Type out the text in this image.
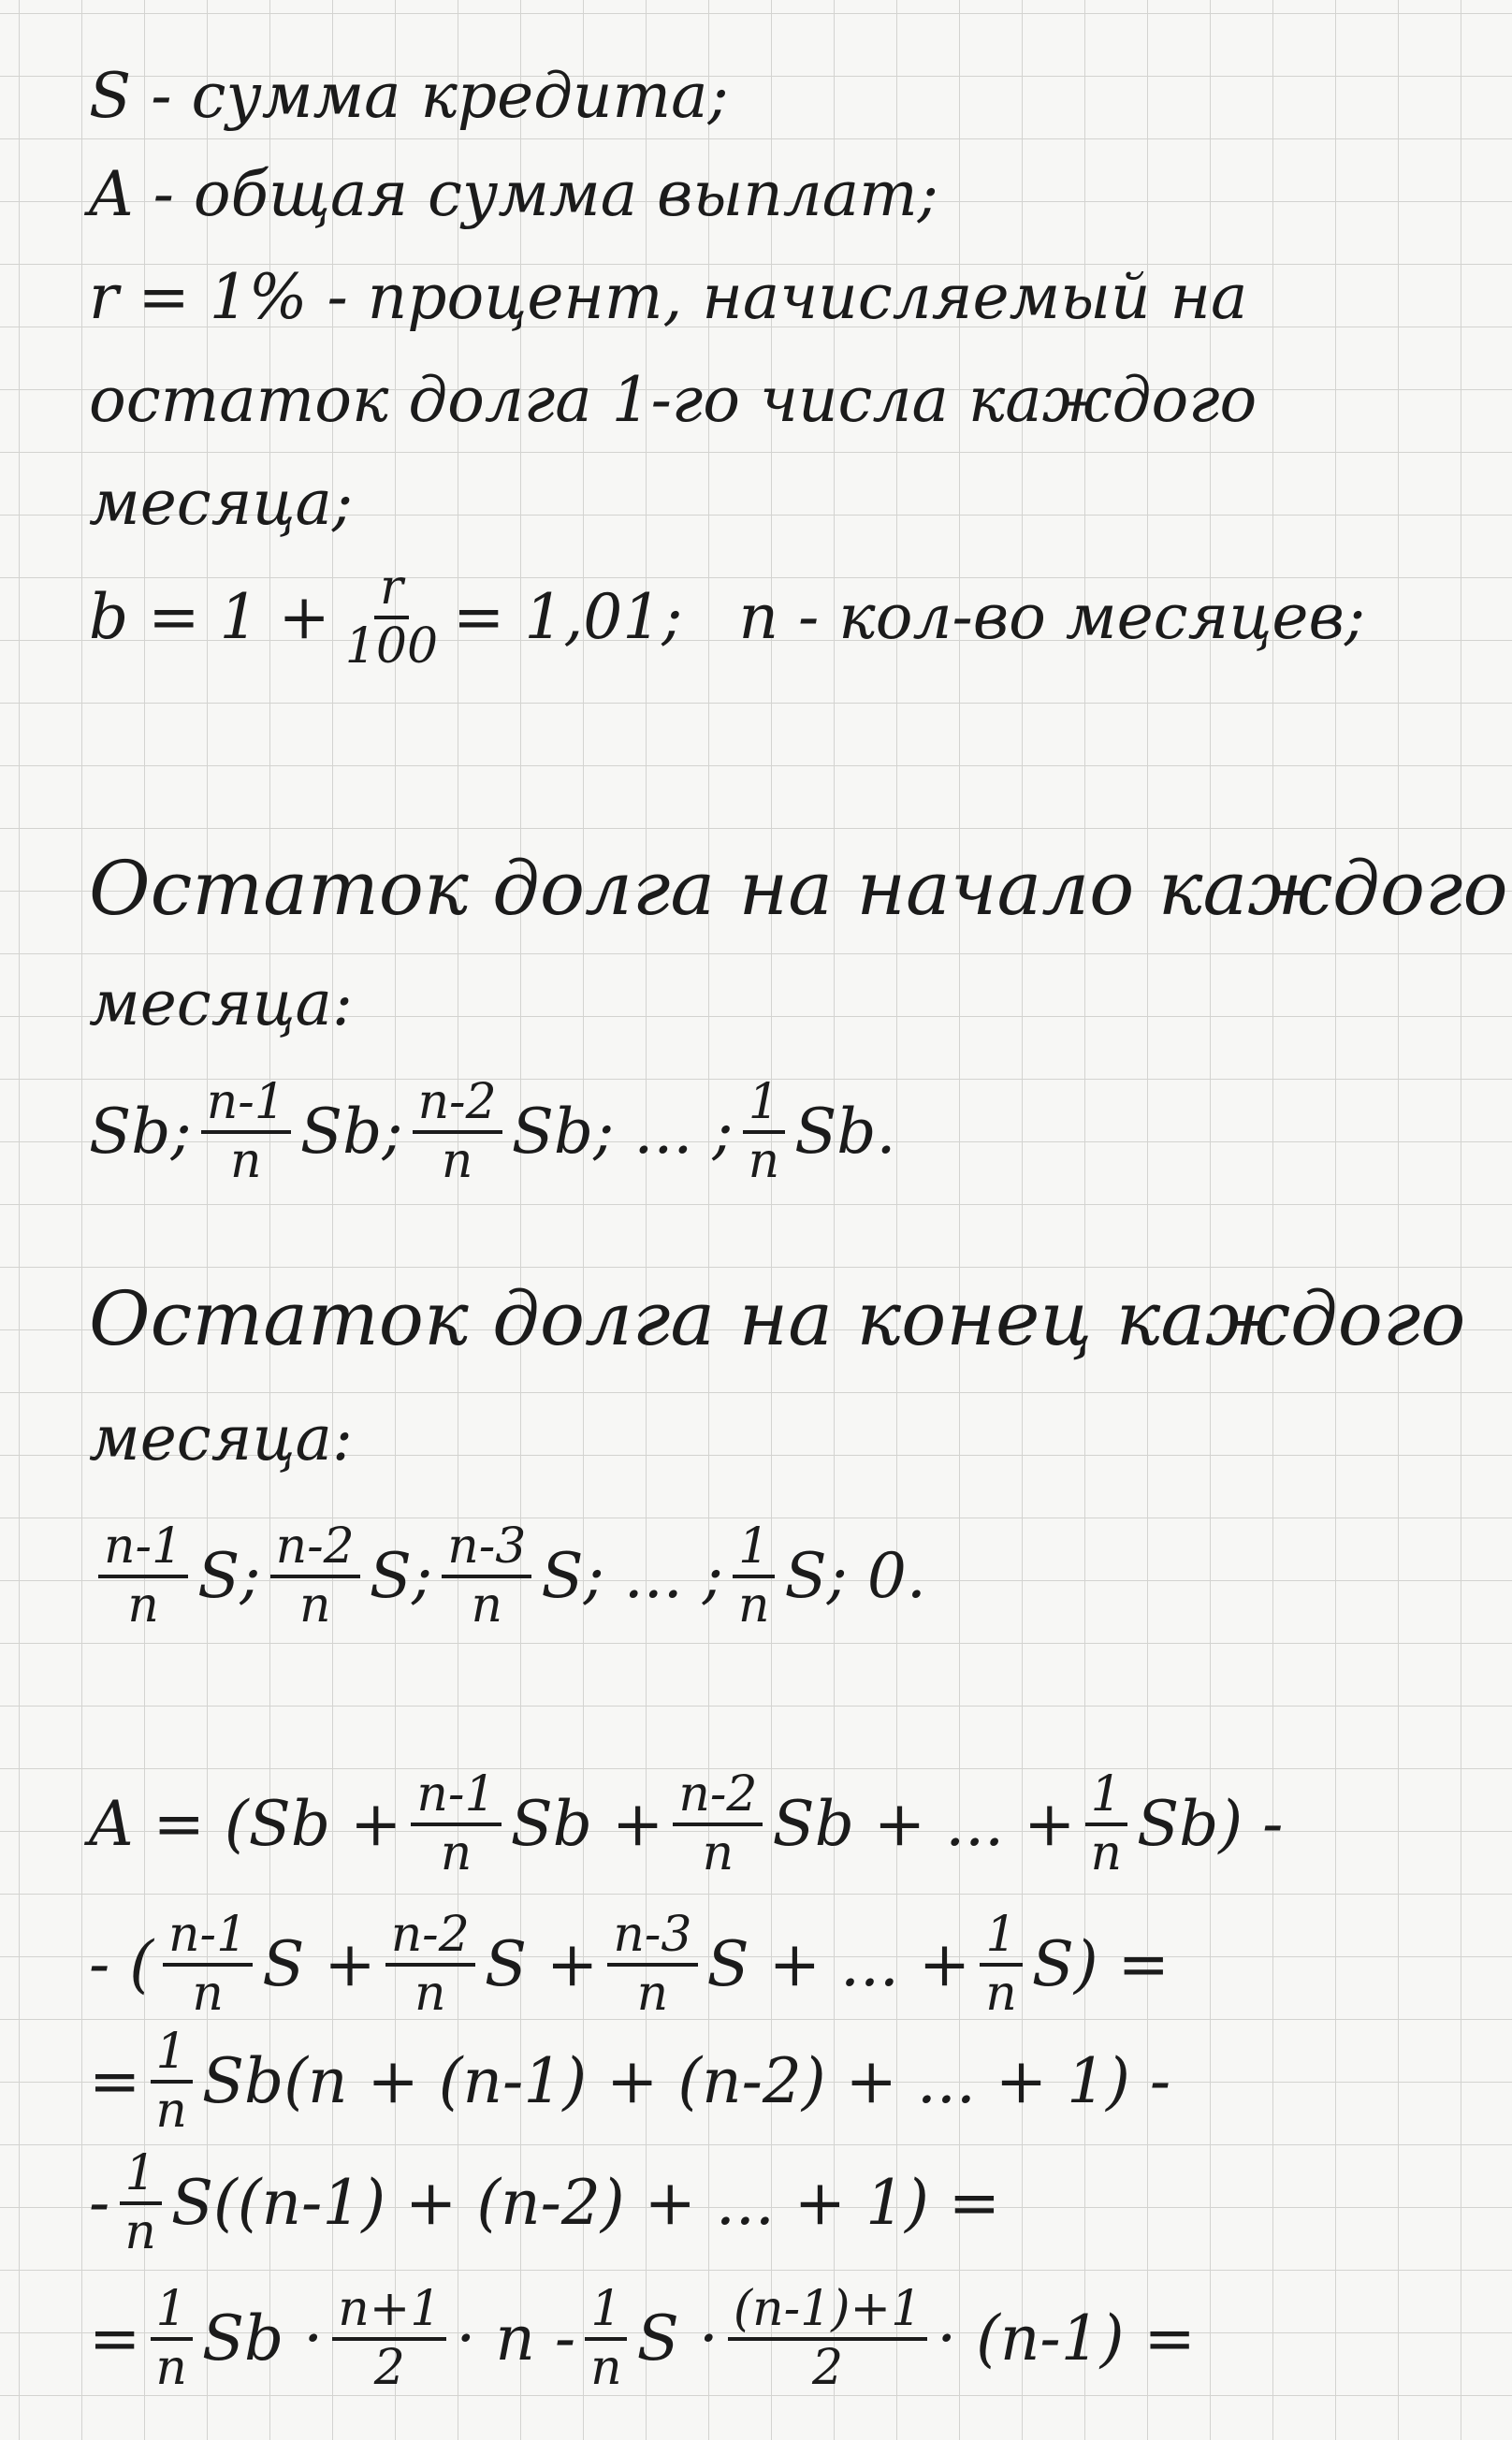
S - сумма кредита;
A - общая сумма выплат;
r = 1% - процент, начисляемый на
остаток долга 1-го числа каждого
месяца;
$b = 1 + \frac{r}{100} = 1,01$; n - кол-во месяцев;
Остаток долга на начало каждого
месяца:
Sb; $\frac{n-1}{n} Sb$; $\frac{n-2}{n} Sb$; ... ; $\frac{1}{n} Sb$.
Остаток долга на конец каждого
месяца:
$\frac{n-1}{n} S$; $\frac{n-2}{n} S$; $\frac{n-3}{n} S$; ... ; $\frac{1}{n} S$; 0.
$A = (Sb + \frac{n-1}{n}$ $Sb + \frac{n-2}{n}$ Sb + ... + $\frac{1}{n} Sb$) -
- ( $\frac{n-1}{n}$ $S + \frac{n-2}{n}$ $S + \frac{n-3}{n}$ S + ... + $\frac{1}{n} S$) =
= $\frac{1}{n} Sb(n + (n-1) + (n-2)$ + ... + 1) -
- $\frac{1}{n} S((n-1) + (n-2)$ + ... + 1) =
= $\frac{1}{n}$ $Sb \cdot \frac{n+1}{2} \cdot n - \frac{1}{n}$ $S \cdot \frac{(n-1)+1}{2} \cdot (n-1)$ =
